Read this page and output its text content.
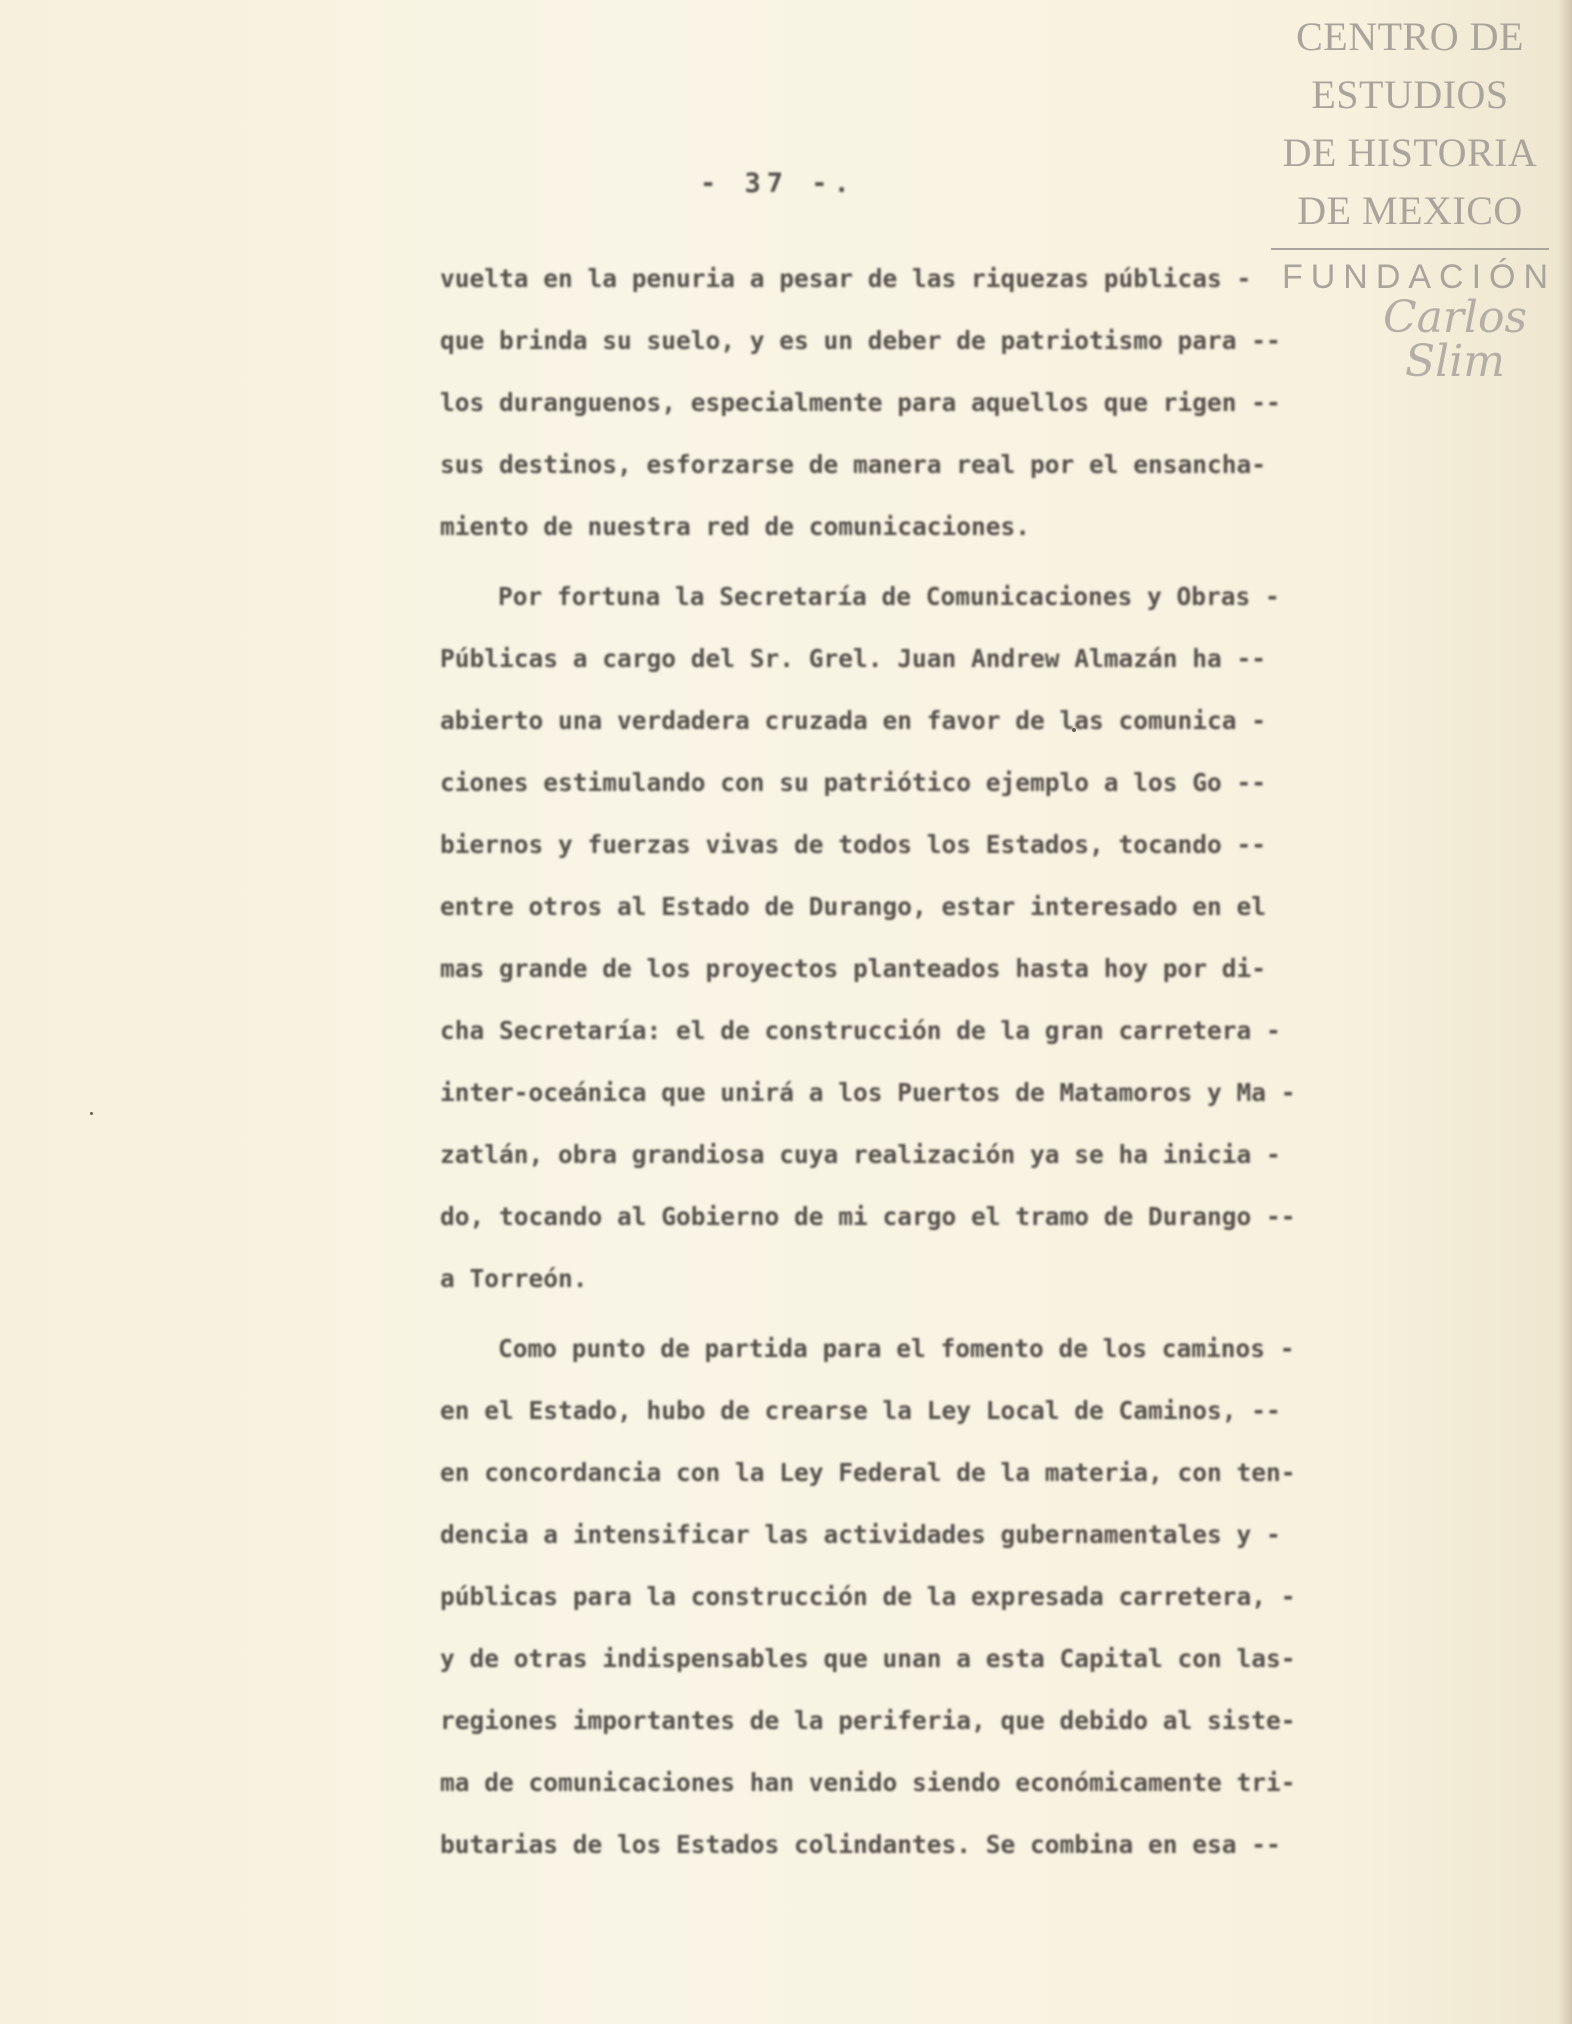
CENTRO DE
ESTUDIOS
DE HISTORIA
DE MEXICO
FUNDACIÓN
Carlos Slim
- 37 -.
vuelta en la penuria a pesar de las riquezas públicas -
que brinda su suelo, y es un deber de patriotismo para --
los duranguenos, especialmente para aquellos que rigen --
sus destinos, esforzarse de manera real por el ensancha-
miento de nuestra red de comunicaciones.
Por fortuna la Secretaría de Comunicaciones y Obras -
Públicas a cargo del Sr. Grel. Juan Andrew Almazán ha --
abierto una verdadera cruzada en favor de las comunica -
ciones estimulando con su patriótico ejemplo a los Go --
biernos y fuerzas vivas de todos los Estados, tocando --
entre otros al Estado de Durango, estar interesado en el
mas grande de los proyectos planteados hasta hoy por di-
cha Secretaría: el de construcción de la gran carretera -
inter-oceánica que unirá a los Puertos de Matamoros y Ma -
zatlán, obra grandiosa cuya realización ya se ha inicia -
do, tocando al Gobierno de mi cargo el tramo de Durango --
a Torreón.
Como punto de partida para el fomento de los caminos -
en el Estado, hubo de crearse la Ley Local de Caminos, --
en concordancia con la Ley Federal de la materia, con ten-
dencia a intensificar las actividades gubernamentales y -
públicas para la construcción de la expresada carretera, -
y de otras indispensables que unan a esta Capital con las-
regiones importantes de la periferia, que debido al siste-
ma de comunicaciones han venido siendo económicamente tri-
butarias de los Estados colindantes. Se combina en esa --
